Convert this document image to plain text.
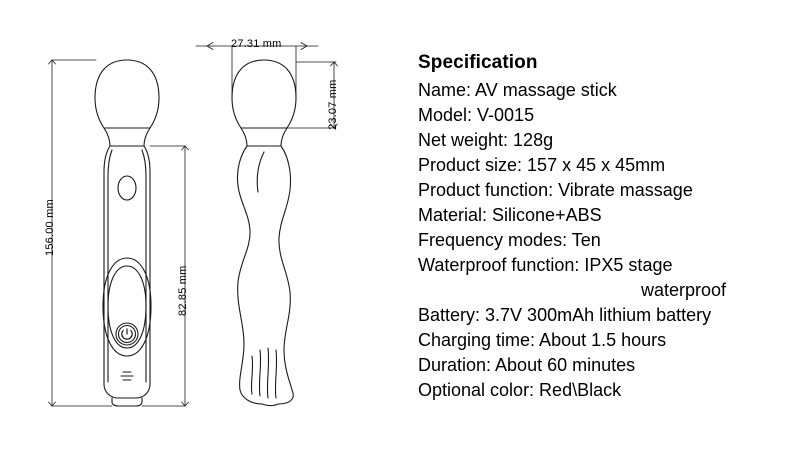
156.00 mm
82.85 mm
27.31 mm
23.07 mm
Specification
Name: AV massage stick
Model: V-0015
Net weight: 128g
Product size: 157 x 45 x 45mm
Product function: Vibrate massage
Material: Silicone+ABS
Frequency modes: Ten
Waterproof function: IPX5 stage
waterproof
Battery: 3.7V 300mAh lithium battery
Charging time: About 1.5 hours
Duration: About 60 minutes
Optional color: Red\Black
